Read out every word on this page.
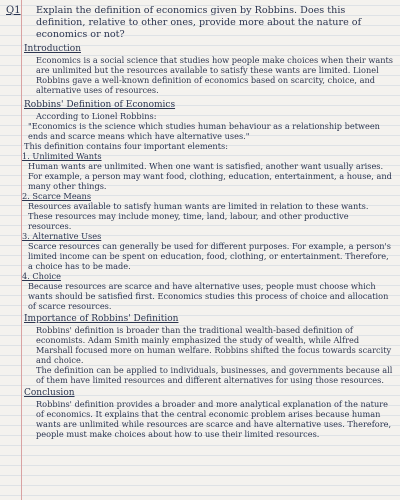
Q1	Explain the definition of economics given by Robbins. Does this definition, relative to other ones, provide more about the nature of economics or not?
Introduction
Economics is a social science that studies how people make choices when their wants are unlimited but the resources available to satisfy these wants are limited. Lionel Robbins gave a well-known definition of economics based on scarcity, choice, and alternative uses of resources.
Robbins' Definition of Economics
According to Lionel Robbins:
"Economics is the science which studies human behaviour as a relationship between ends and scarce means which have alternative uses."
This definition contains four important elements:
1. Unlimited Wants
Human wants are unlimited. When one want is satisfied, another want usually arises. For example, a person may want food, clothing, education, entertainment, a house, and many other things.
2. Scarce Means
Resources available to satisfy human wants are limited in relation to these wants. These resources may include money, time, land, labour, and other productive resources.
3. Alternative Uses
Scarce resources can generally be used for different purposes. For example, a person's limited income can be spent on education, food, clothing, or entertainment. Therefore, a choice has to be made.
4. Choice
Because resources are scarce and have alternative uses, people must choose which wants should be satisfied first. Economics studies this process of choice and allocation of scarce resources.
Importance of Robbins' Definition
Robbins' definition is broader than the traditional wealth-based definition of economists. Adam Smith mainly emphasized the study of wealth, while Alfred Marshall focused more on human welfare. Robbins shifted the focus towards scarcity and choice.
The definition can be applied to individuals, businesses, and governments because all of them have limited resources and different alternatives for using those resources.
Conclusion
Robbins' definition provides a broader and more analytical explanation of the nature of economics. It explains that the central economic problem arises because human wants are unlimited while resources are scarce and have alternative uses. Therefore, people must make choices about how to use their limited resources.
